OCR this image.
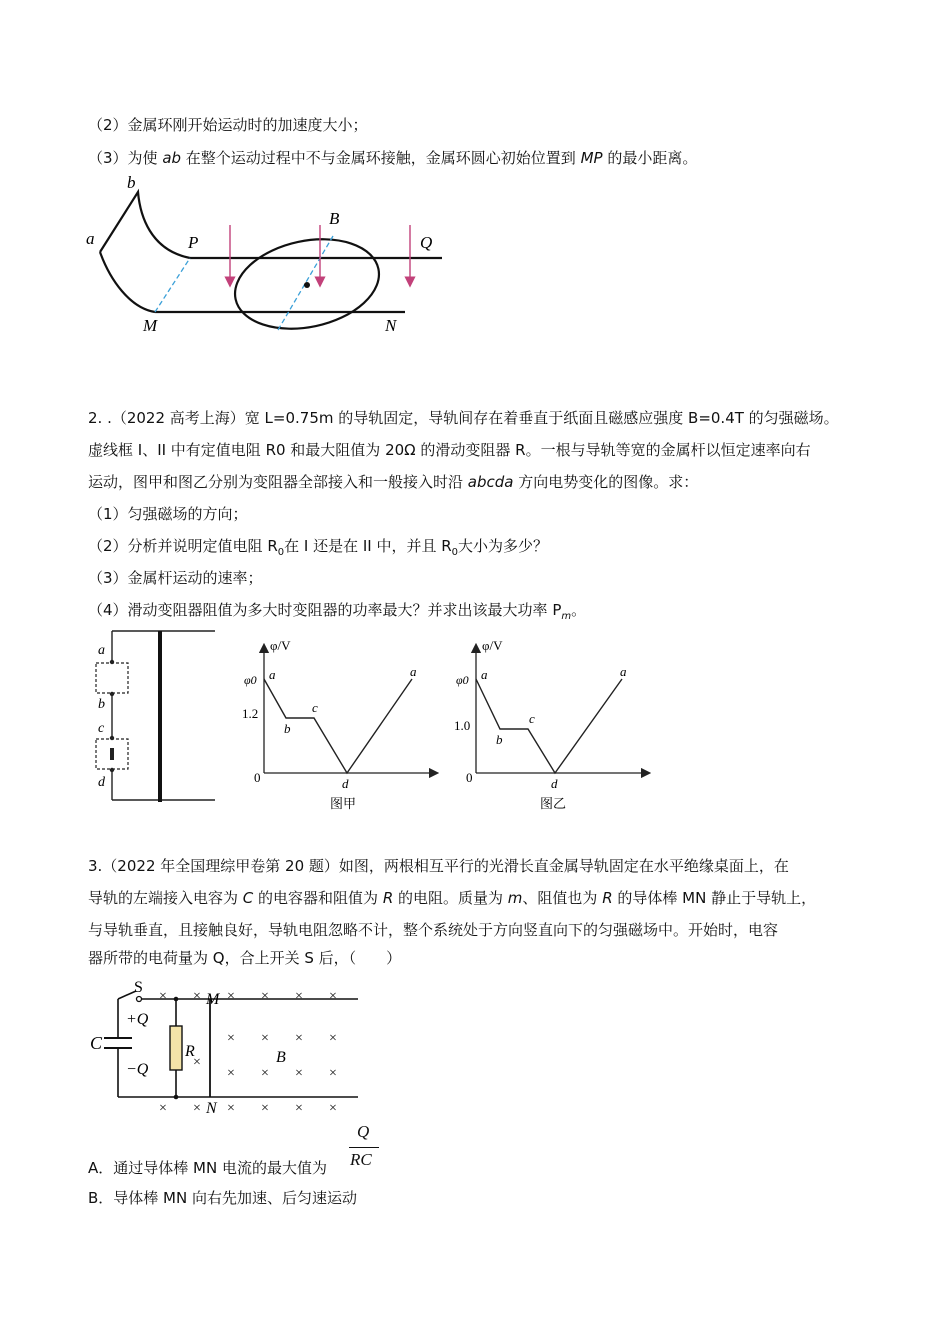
（2）金属环刚开始运动时的加速度大小；
（3）为使 ab 在整个运动过程中不与金属环接触，金属环圆心初始位置到 MP 的最小距离。
a
b
P	Q
B
M	N
2. .（2022 高考上海）宽 L=0.75m 的导轨固定，导轨间存在着垂直于纸面且磁感应强度 B=0.4T 的匀强磁场。
虚线框 I、II 中有定值电阻 R0 和最大阻值为 20Ω 的滑动变阻器 R。一根与导轨等宽的金属杆以恒定速率向右
运动，图甲和图乙分别为变阻器全部接入和一般接入时沿 abcda 方向电势变化的图像。求：
（1）匀强磁场的方向；
（2）分析并说明定值电阻 $R_0$在 I 还是在 II 中，并且 $R_0$大小为多少？
（3）金属杆运动的速率；
（4）滑动变阻器阻值为多大时变阻器的功率最大？并求出该最大功率 $P_m$。
a
b
c
d
φ/V
φ0
1.2
0
a
b
c
d
a
图甲
φ/V
φ0
1.0
0
a
b
c
d
a
图乙
3.（2022 年全国理综甲卷第 20 题）如图，两根相互平行的光滑长直金属导轨固定在水平绝缘桌面上，在
导轨的左端接入电容为 C 的电容器和阻值为 R 的电阻。质量为 m、阻值也为 R 的导体棒 MN 静止于导轨上，
与导轨垂直，且接触良好，导轨电阻忽略不计，整个系统处于方向竖直向下的匀强磁场中。开始时，电容
器所带的电荷量为 Q，合上开关 S 后，（　　）
× × × × × ×
× × × ×
×
× × × ×
× × × × × ×
S
M
N
C
+Q
−Q
R	B
A．通过导体棒 MN 电流的最大值为
Q
RC
B．导体棒 MN 向右先加速、后匀速运动
